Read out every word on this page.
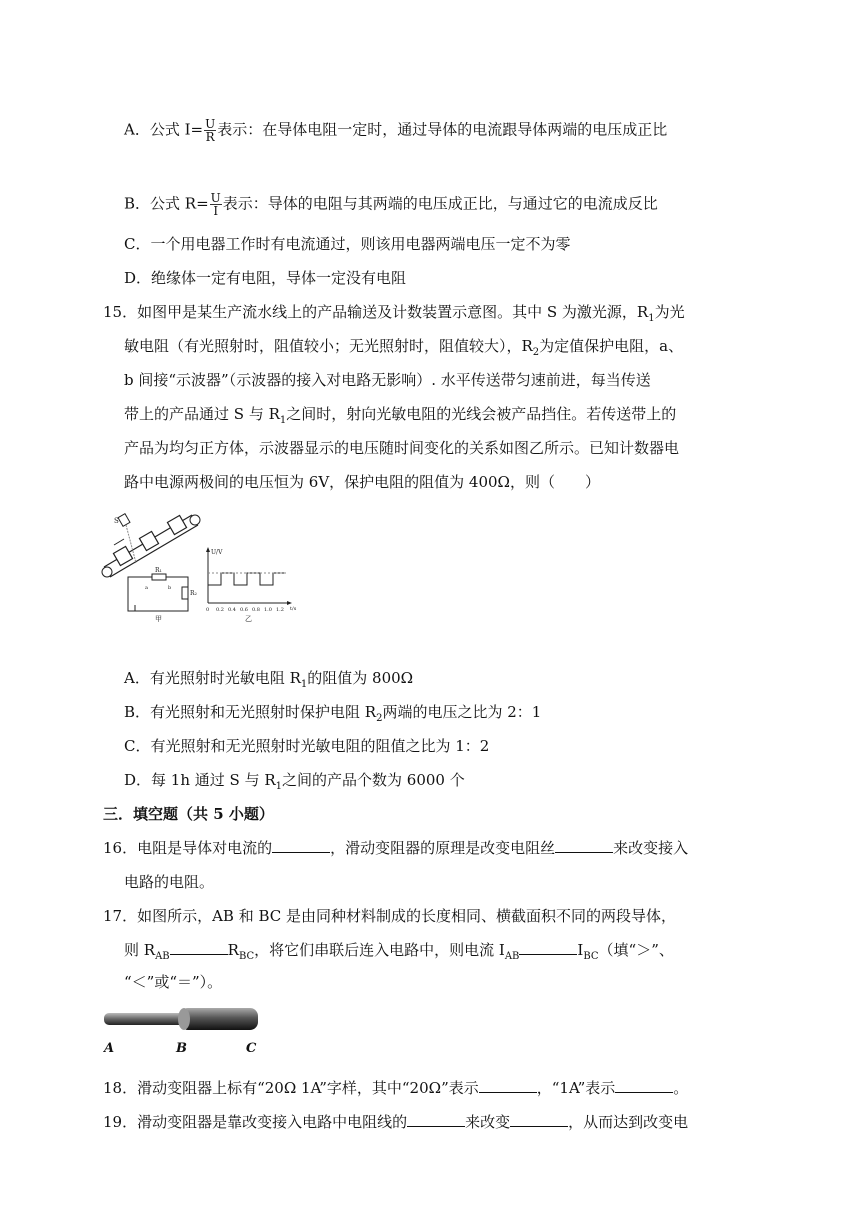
A．公式 $I= \frac{U}{R}$ 表示：在导体电阻一定时，通过导体的电流跟导体两端的电压成正比
B．公式 $R= \frac{U}{I}$ 表示：导体的电阻与其两端的电压成正比，与通过它的电流成反比
C．一个用电器工作时有电流通过，则该用电器两端电压一定不为零
D．绝缘体一定有电阻，导体一定没有电阻
15．如图甲是某生产流水线上的产品输送及计数装置示意图。其中 S 为激光源，$R_1$为光
敏电阻（有光照射时，阻值较小；无光照射时，阻值较大），$R_2$为定值保护电阻，a、
b 间接“示波器”（示波器的接入对电路无影响）. 水平传送带匀速前进，每当传送
带上的产品通过 S 与 $R_1$之间时，射向光敏电阻的光线会被产品挡住。若传送带上的
产品为均匀正方体，示波器显示的电压随时间变化的关系如图乙所示。已知计数器电
路中电源两极间的电压恒为 6V，保护电阻的阻值为 400Ω，则（　　）
S
R₁
R₂
a	b
甲
U/V
t/s
0 0.2 0.4 0.6 0.8 1.0 1.2
乙
A．有光照射时光敏电阻 $R_1$的阻值为 800Ω
B．有光照射和无光照射时保护电阻 $R_2$两端的电压之比为 2：1
C．有光照射和无光照射时光敏电阻的阻值之比为 1：2
D．每 1h 通过 S 与 $R_1$之间的产品个数为 6000 个
三．填空题（共 5 小题）
16．电阻是导体对电流的	，滑动变阻器的原理是改变电阻丝	来改变接入
电路的电阻。
17．如图所示，AB 和 BC 是由同种材料制成的长度相同、横截面积不同的两段导体，
则 $R_{AB}$	$R_{BC}$，将它们串联后连入电路中，则电流 $I_{AB}$	$I_{BC}$（填“＞”、
“＜”或“＝”）。
A	B	C
18．滑动变阻器上标有“20Ω 1A”字样，其中“20Ω”表示	，“1A”表示	。
19．滑动变阻器是靠改变接入电路中电阻线的	来改变	，从而达到改变电
